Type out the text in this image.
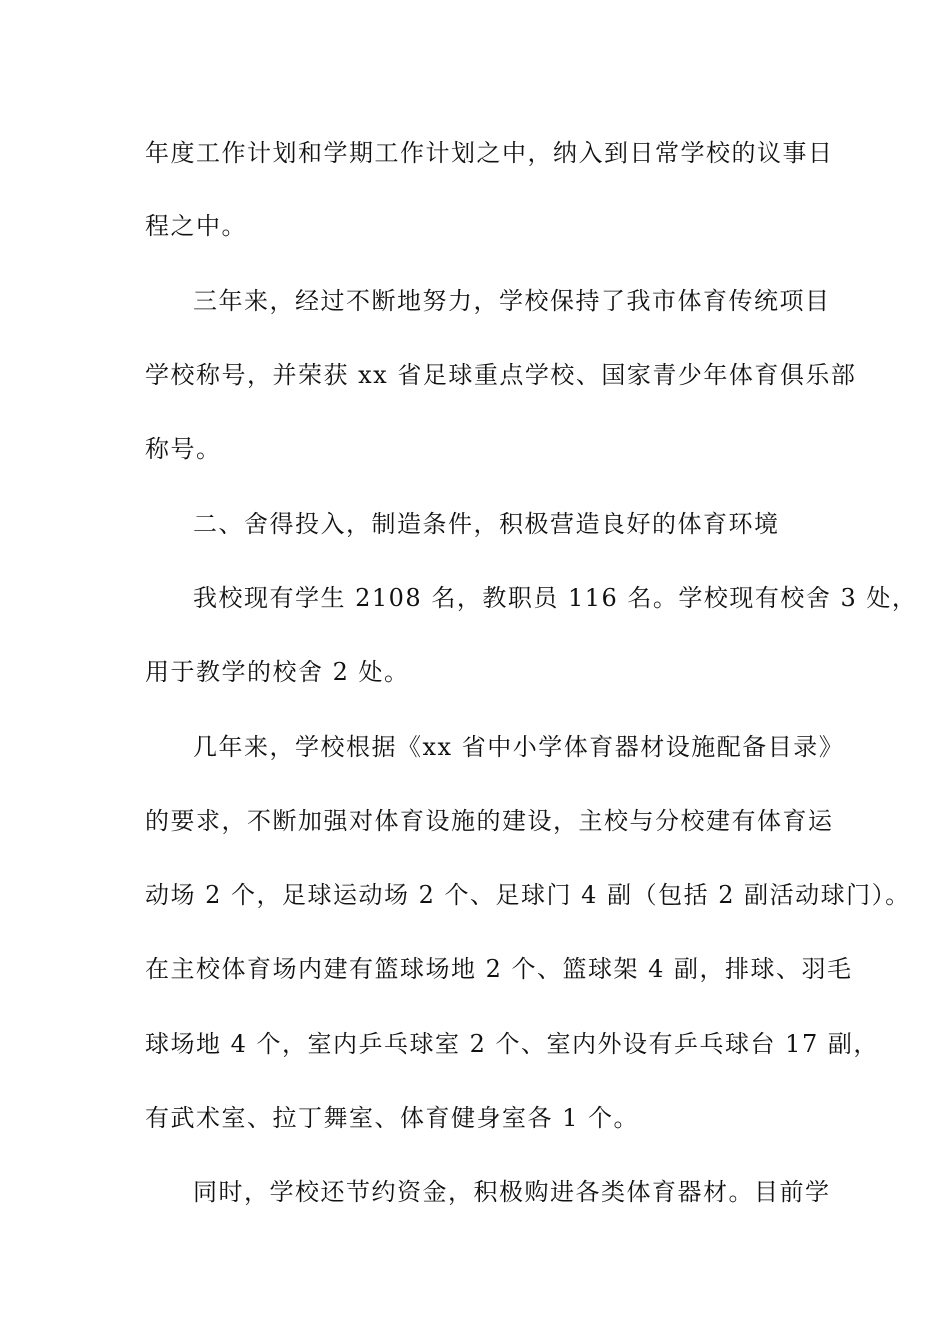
年度工作计划和学期工作计划之中，纳入到日常学校的议事日

程之中。

三年来，经过不断地努力，学校保持了我市体育传统项目

学校称号，并荣获 xx 省足球重点学校、国家青少年体育俱乐部

称号。

二、舍得投入，制造条件，积极营造良好的体育环境

我校现有学生 2108 名，教职员 116 名。学校现有校舍 3 处，

用于教学的校舍 2 处。

几年来，学校根据《xx 省中小学体育器材设施配备目录》

的要求，不断加强对体育设施的建设，主校与分校建有体育运

动场 2 个，足球运动场 2 个、足球门 4 副（包括 2 副活动球门）。

在主校体育场内建有篮球场地 2 个、篮球架 4 副，排球、羽毛

球场地 4 个，室内乒乓球室 2 个、室内外设有乒乓球台 17 副，

有武术室、拉丁舞室、体育健身室各 1 个。

同时，学校还节约资金，积极购进各类体育器材。目前学
